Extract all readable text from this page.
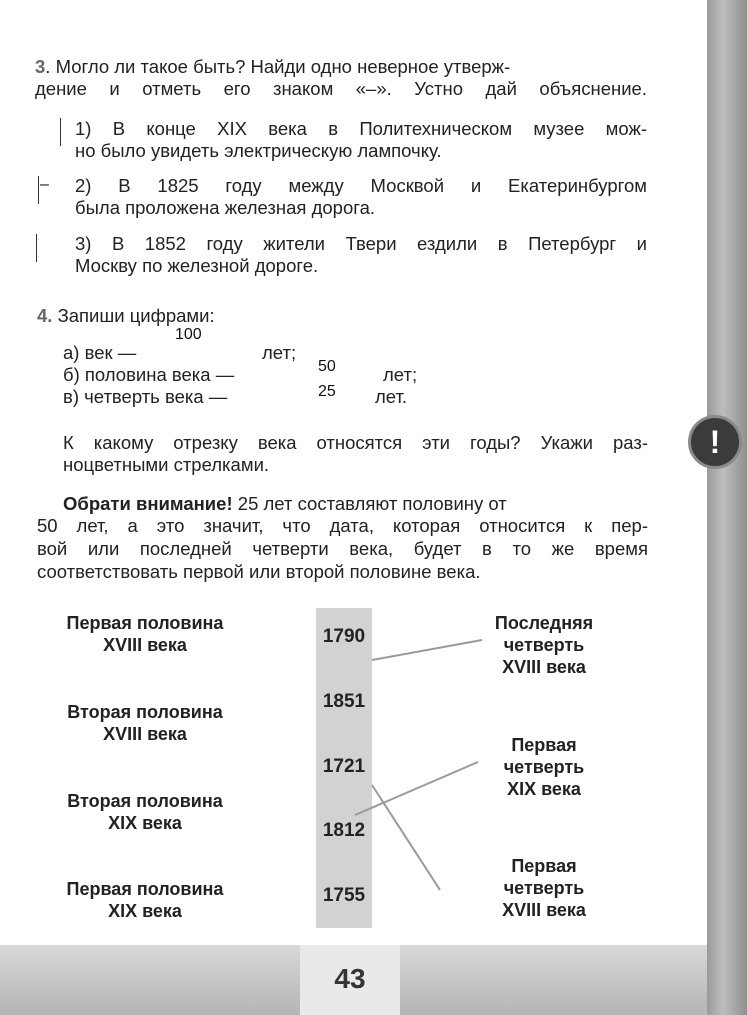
43
3. Могло ли такое быть? Найди одно неверное утверж-
дение и отметь его знаком «–». Устно дай объяснение.
1) В конце XIX века в Политехническом музее мож-
но было увидеть электрическую лампочку.
– 2) В 1825 году между Москвой и Екатеринбургом
была проложена железная дорога.
3) В 1852 году жители Твери ездили в Петербург и
Москву по железной дороге.
4. Запиши цифрами:
100
а) век —	лет;
50
б) половина века —	лет;
25
в) четверть века —	лет.
К какому отрезку века относятся эти годы? Укажи раз-
ноцветными стрелками.
!
Обрати внимание! 25 лет составляют половину от
50 лет, а это значит, что дата, которая относится к пер-
вой или последней четверти века, будет в то же время
соответствовать первой или второй половине века.
1790
1851
1721
1812
1755
Первая половина
XVIII века
Вторая половина
XVIII века
Вторая половина
XIX века
Первая половина
XIX века
Последняя
четверть
XVIII века
Первая
четверть
XIX века
Первая
четверть
XVIII века
